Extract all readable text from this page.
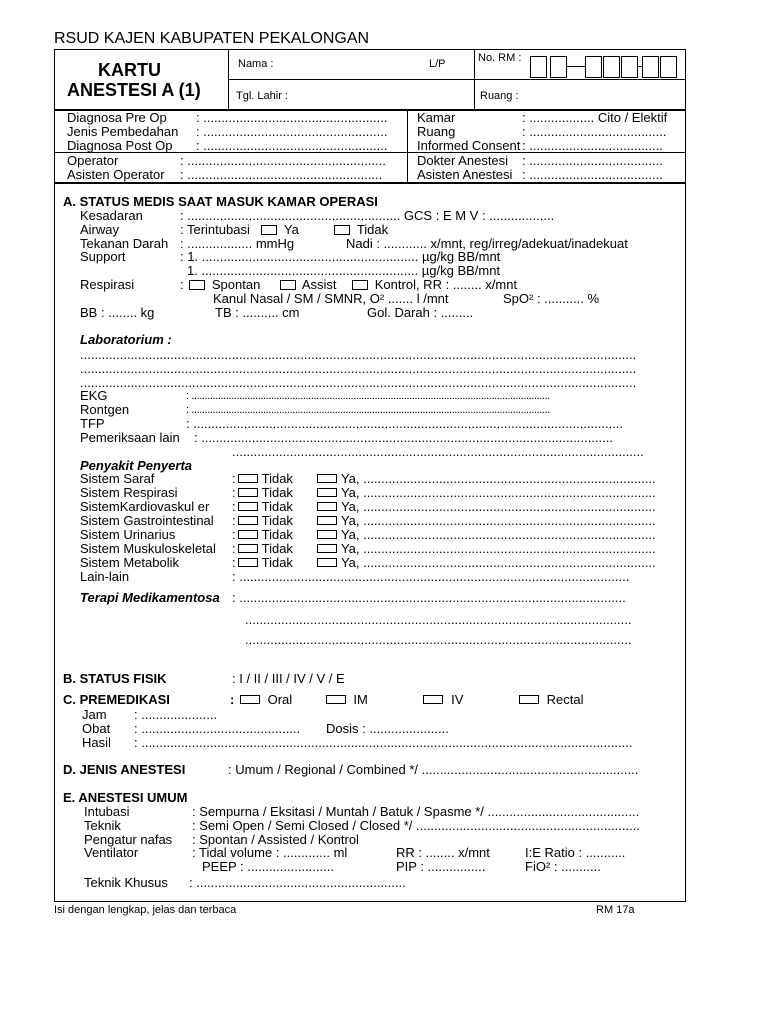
RSUD KAJEN KABUPATEN PEKALONGAN
KARTU
ANESTESI A (1)
Nama :	L/P
Tgl. Lahir :
No. RM :
Ruang :
Diagnosa Pre Op : ...................................................
Jenis Pembedahan : ...................................................
Diagnosa Post Op : ...................................................
Operator	: .......................................................
Asisten Operator : ......................................................
Kamar	: .................. Cito / Elektif
Ruang	: ......................................
Informed Consent : .....................................
Dokter Anestesi : .....................................
Asisten Anestesi : .....................................
A. STATUS MEDIS SAAT MASUK KAMAR OPERASI
Kesadaran	: ........................................................... GCS : E M V : ..................
Airway	: Terintubasi	Ya	Tidak
Tekanan Darah : .................. mmHg	Nadi : ............ x/mnt, reg/irreg/adekuat/inadekuat
Support	: 1. ............................................................ µg/kg BB/mnt
1. ............................................................ µg/kg BB/mnt
Respirasi	: Spontan	Assist	Kontrol, RR : ........ x/mnt
Kanul Nasal / SM / SMNR, O² ....... l /mnt	SpO² : ........... %
BB : ........ kg	TB : .......... cm	Gol. Darah : .........
Laboratorium :
..........................................................................................................................................................
..........................................................................................................................................................
..........................................................................................................................................................
EKG	: .......................................................................................................................................
Rontgen	: .......................................................................................................................................
TFP	: .......................................................................................................................
Pemeriksaan lain : ..................................................................................................................
..................................................................................................................
Penyakit Penyerta
Sistem Saraf	: Tidak	Ya, .................................................................................
Sistem Respirasi	: Tidak	Ya, .................................................................................
SistemKardiovaskul er : Tidak	Ya, .................................................................................
Sistem Gastrointestinal : Tidak	Ya, .................................................................................
Sistem Urinarius	: Tidak	Ya, .................................................................................
Sistem Muskuloskeletal : Tidak	Ya, .................................................................................
Sistem Metabolik	: Tidak	Ya, .................................................................................
Lain-lain	: ............................................................................................................
Terapi Medikamentosa : ...........................................................................................................
...........................................................................................................
...........................................................................................................
B. STATUS FISIK	: I / II / III / IV / V / E
C. PREMEDIKASI	:	Oral	IM	IV	Rectal
Jam : .....................
Obat : ............................................ Dosis : ......................
Hasil : ........................................................................................................................................
D. JENIS ANESTESI	: Umum / Regional / Combined */ ............................................................
E. ANESTESI UMUM
Intubasi	: Sempurna / Eksitasi / Muntah / Batuk / Spasme */ ..........................................
Teknik	: Semi Open / Semi Closed / Closed */ ..............................................................
Pengatur nafas : Spontan / Assisted / Kontrol
Ventilator	: Tidal volume : ............. ml	RR : ........ x/mnt	I:E Ratio : ...........
PEEP : ........................	PIP : ................	FiO² : ...........
Teknik Khusus : ..........................................................
Isi dengan lengkap, jelas dan terbaca	RM 17a
